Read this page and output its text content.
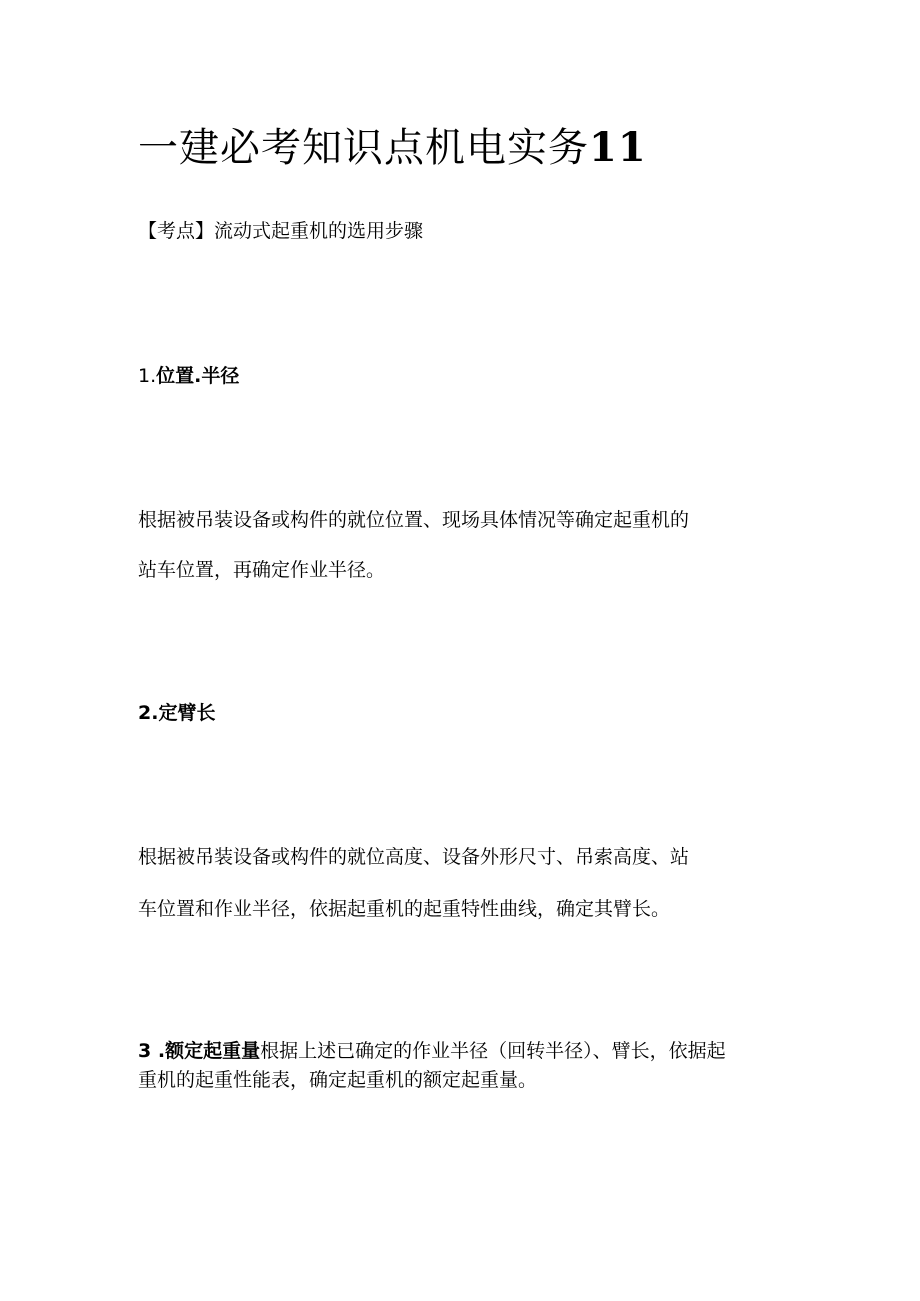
一建必考知识点机电实务11

【考点】流动式起重机的选用步骤

1.位置.半径

根据被吊装设备或构件的就位位置、现场具体情况等确定起重机的

站车位置，再确定作业半径。

2.定臂长

根据被吊装设备或构件的就位高度、设备外形尺寸、吊索高度、站

车位置和作业半径，依据起重机的起重特性曲线，确定其臂长。

3 .额定起重量根据上述已确定的作业半径（回转半径）、臂长，依据起

重机的起重性能表，确定起重机的额定起重量。
